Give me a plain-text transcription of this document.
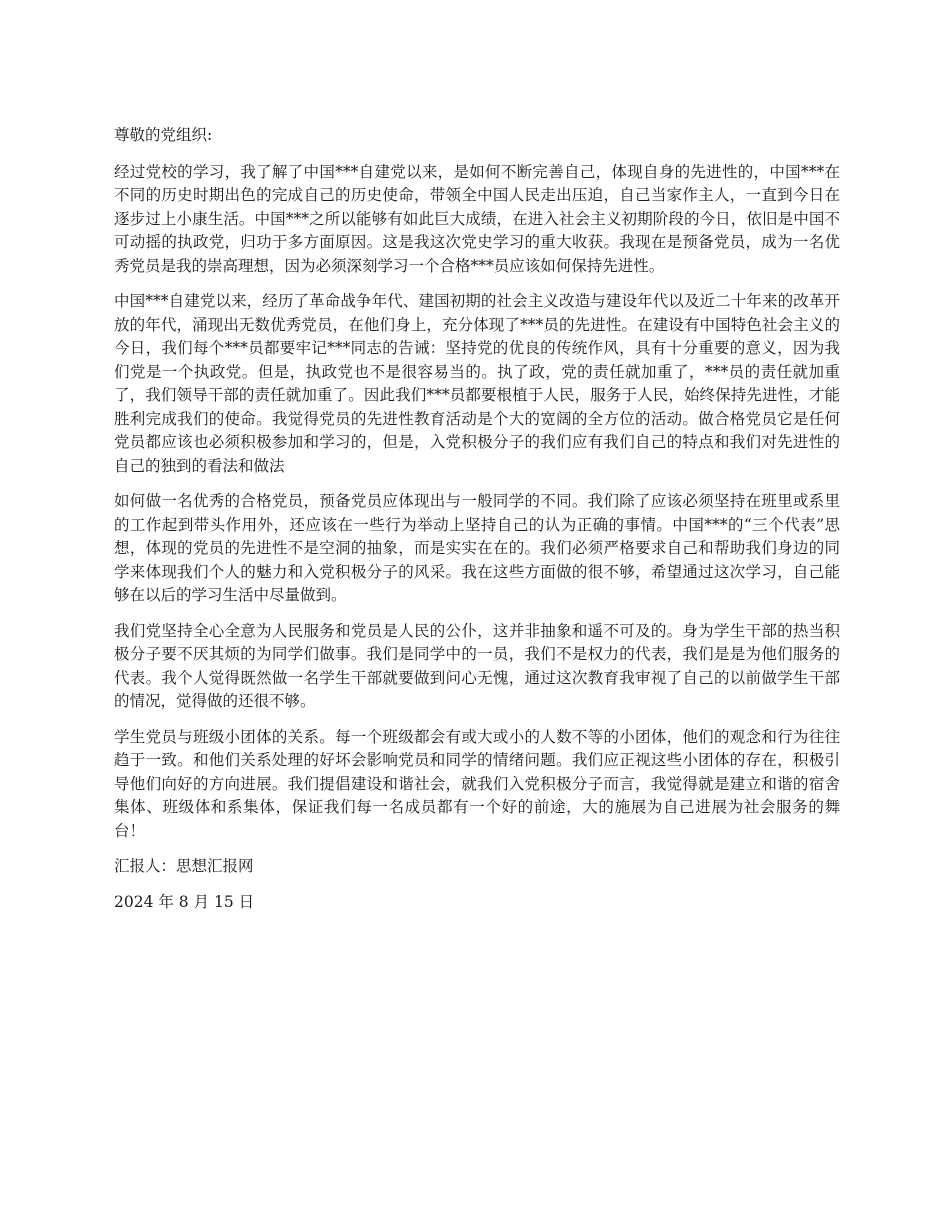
尊敬的党组织:

经过党校的学习，我了解了中国***自建党以来，是如何不断完善自己，体现自身的先进性的，中国***在不同的历史时期出色的完成自己的历史使命，带领全中国人民走出压迫，自己当家作主人，一直到今日在逐步过上小康生活。中国***之所以能够有如此巨大成绩，在进入社会主义初期阶段的今日，依旧是中国不可动摇的执政党，归功于多方面原因。这是我这次党史学习的重大收获。我现在是预备党员，成为一名优秀党员是我的崇高理想，因为必须深刻学习一个合格***员应该如何保持先进性。

中国***自建党以来，经历了革命战争年代、建国初期的社会主义改造与建设年代以及近二十年来的改革开放的年代，涌现出无数优秀党员，在他们身上，充分体现了***员的先进性。在建设有中国特色社会主义的今日，我们每个***员都要牢记***同志的告诫：坚持党的优良的传统作风，具有十分重要的意义，因为我们党是一个执政党。但是，执政党也不是很容易当的。执了政，党的责任就加重了，***员的责任就加重了，我们领导干部的责任就加重了。因此我们***员都要根植于人民，服务于人民，始终保持先进性，才能胜利完成我们的使命。我觉得党员的先进性教育活动是个大的宽阔的全方位的活动。做合格党员它是任何党员都应该也必须积极参加和学习的，但是，入党积极分子的我们应有我们自己的特点和我们对先进性的自己的独到的看法和做法

如何做一名优秀的合格党员，预备党员应体现出与一般同学的不同。我们除了应该必须坚持在班里或系里的工作起到带头作用外，还应该在一些行为举动上坚持自己的认为正确的事情。中国***的“三个代表”思想，体现的党员的先进性不是空洞的抽象，而是实实在在的。我们必须严格要求自己和帮助我们身边的同学来体现我们个人的魅力和入党积极分子的风采。我在这些方面做的很不够，希望通过这次学习，自己能够在以后的学习生活中尽量做到。

我们党坚持全心全意为人民服务和党员是人民的公仆，这并非抽象和遥不可及的。身为学生干部的热当积极分子要不厌其烦的为同学们做事。我们是同学中的一员，我们不是权力的代表，我们是是为他们服务的代表。我个人觉得既然做一名学生干部就要做到问心无愧，通过这次教育我审视了自己的以前做学生干部的情况，觉得做的还很不够。

学生党员与班级小团体的关系。每一个班级都会有或大或小的人数不等的小团体，他们的观念和行为往往趋于一致。和他们关系处理的好坏会影响党员和同学的情绪问题。我们应正视这些小团体的存在，积极引导他们向好的方向进展。我们提倡建设和谐社会，就我们入党积极分子而言，我觉得就是建立和谐的宿舍集体、班级体和系集体，保证我们每一名成员都有一个好的前途，大的施展为自己进展为社会服务的舞台！

汇报人：思想汇报网

2024 年 8 月 15 日
